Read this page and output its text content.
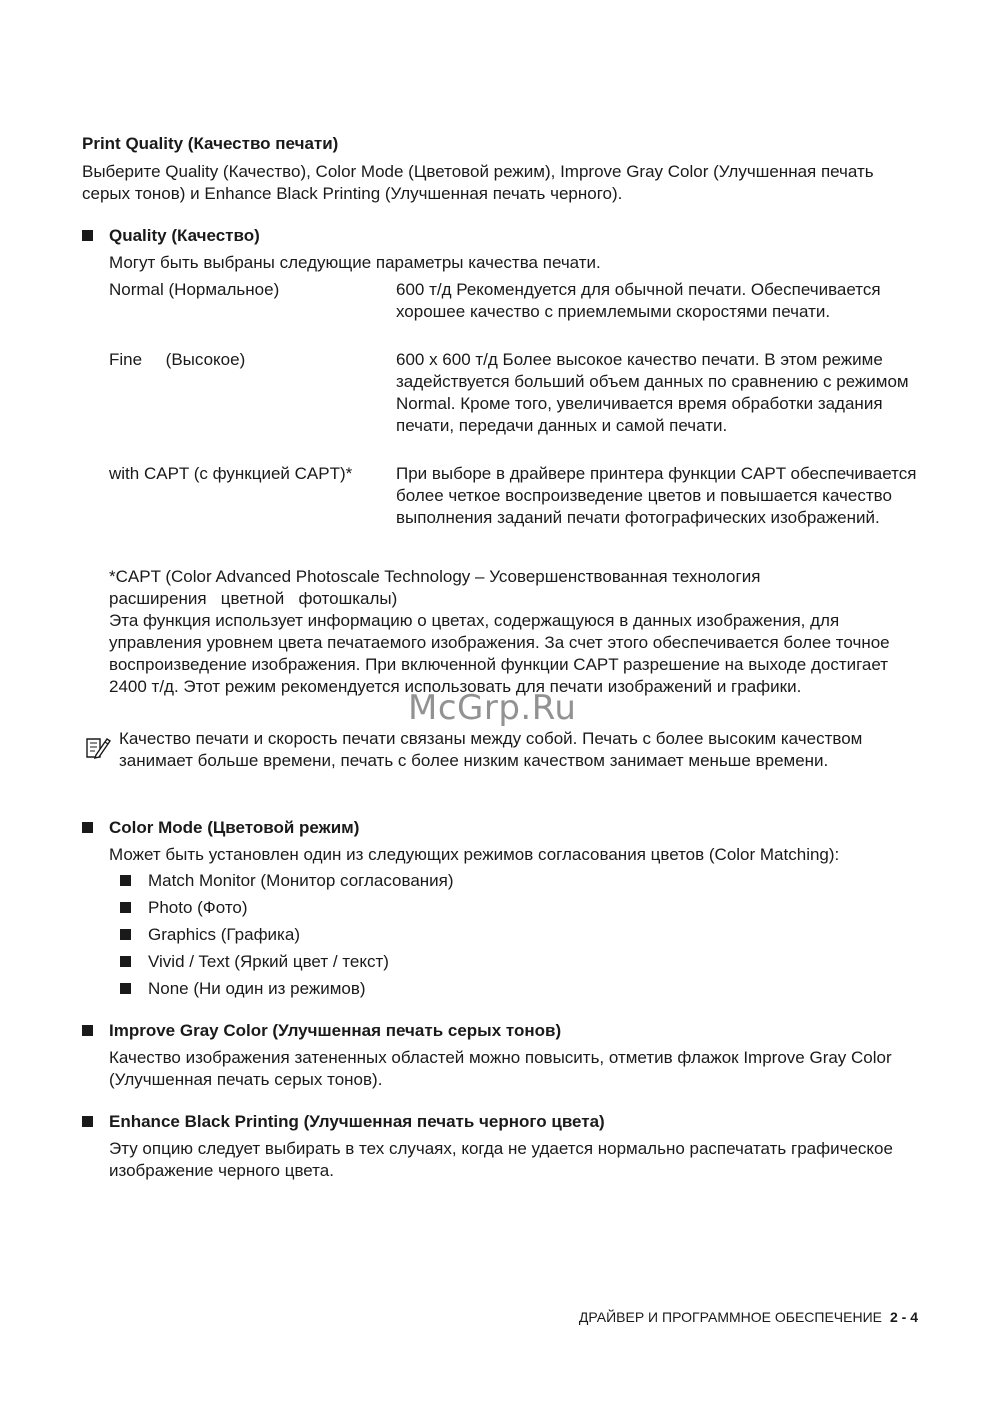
Print Quality (Качество печати)

Выберите Quality (Качество), Color Mode (Цветовой режим), Improve Gray Color (Улучшенная печать серых тонов) и Enhance Black Printing (Улучшенная печать черного).

Quality (Качество)

Могут быть выбраны следующие параметры качества печати.

Normal (Нормальное)	600 т/д Рекомендуется для обычной печати. Обеспечивается хорошее качество с приемлемыми скоростями печати.

Fine     (Высокое)	600 x 600 т/д Более высокое качество печати. В этом режиме задействуется больший объем данных по сравнению с режимом Normal. Кроме того, увеличивается время обработки задания печати, передачи данных и самой печати.

with CAPT (с функцией CAPT)*	При выборе в драйвере принтера функции CAPT обеспечивается более четкое воспроизведение цветов и повышается качество выполнения заданий печати фотографических изображений.

*CAPT (Color Advanced Photoscale Technology – Усовершенствованная технология
расширения   цветной   фотошкалы)
Эта функция использует информацию о цветах, содержащуюся в данных изображения, для управления уровнем цвета печатаемого изображения. За счет этого обеспечивается более точное воспроизведение изображения. При включенной функции CAPT разрешение на выходе достигает 2400 т/д. Этот режим рекомендуется использовать для печати изображений и графики.
McGrp.Ru

Качество печати и скорость печати связаны между собой. Печать с более высоким качеством занимает больше времени, печать с более низким качеством занимает меньше времени.

Color Mode (Цветовой режим)

Может быть установлен один из следующих режимов согласования цветов (Color Matching):

Match Monitor (Монитор согласования)
Photo (Фото)
Graphics (Графика)
Vivid / Text (Яркий цвет / текст)
None (Ни один из режимов)
Improve Gray Color (Улучшенная печать серых тонов)

Качество изображения затененных областей можно повысить, отметив флажок Improve Gray Color (Улучшенная печать серых тонов).

Enhance Black Printing (Улучшенная печать черного цвета)

Эту опцию следует выбирать в тех случаях, когда не удается нормально распечатать графическое изображение черного цвета.

ДРАЙВЕР И ПРОГРАММНОЕ ОБЕСПЕЧЕНИЕ 2 - 4
